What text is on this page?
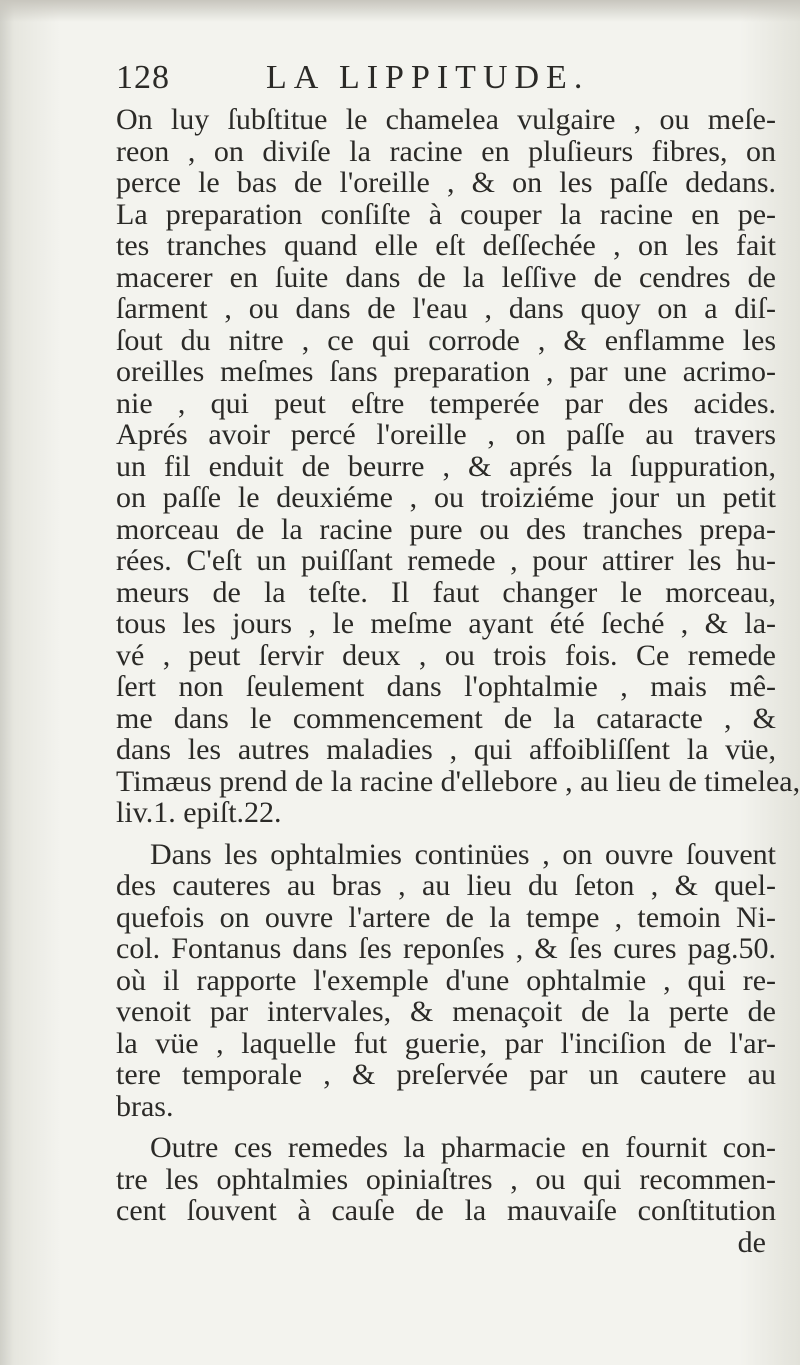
128	LA LIPPITUDE.
On luy ſubſtitue le chamelea vulgaire , ou meſe-
reon , on diviſe la racine en pluſieurs fibres, on
perce le bas de l'oreille , & on les paſſe dedans.
La preparation conſiſte à couper la racine en pe-
tes tranches quand elle eſt deſſechée , on les fait
macerer en ſuite dans de la leſſive de cendres de
ſarment , ou dans de l'eau , dans quoy on a diſ-
ſout du nitre , ce qui corrode , & enflamme les
oreilles meſmes ſans preparation , par une acrimo-
nie , qui peut eſtre temperée par des acides.
Aprés avoir percé l'oreille , on paſſe au travers
un fil enduit de beurre , & aprés la ſuppuration,
on paſſe le deuxiéme , ou troiziéme jour un petit
morceau de la racine pure ou des tranches prepa-
rées. C'eſt un puiſſant remede , pour attirer les hu-
meurs de la teſte. Il faut changer le morceau,
tous les jours , le meſme ayant été ſeché , & la-
vé , peut ſervir deux , ou trois fois. Ce remede
ſert non ſeulement dans l'ophtalmie , mais mê-
me dans le commencement de la cataracte , &
dans les autres maladies , qui affoibliſſent la vüe,
Timæus prend de la racine d'ellebore , au lieu de timelea,
liv.1. epiſt.22.
Dans les ophtalmies continües , on ouvre ſouvent
des cauteres au bras , au lieu du ſeton , & quel-
quefois on ouvre l'artere de la tempe , temoin Ni-
col. Fontanus dans ſes reponſes , & ſes cures pag.50.
où il rapporte l'exemple d'une ophtalmie , qui re-
venoit par intervales, & menaçoit de la perte de
la vüe , laquelle fut guerie, par l'inciſion de l'ar-
tere temporale , & preſervée par un cautere au
bras.
Outre ces remedes la pharmacie en fournit con-
tre les ophtalmies opiniaſtres , ou qui recommen-
cent ſouvent à cauſe de la mauvaiſe conſtitution
de
